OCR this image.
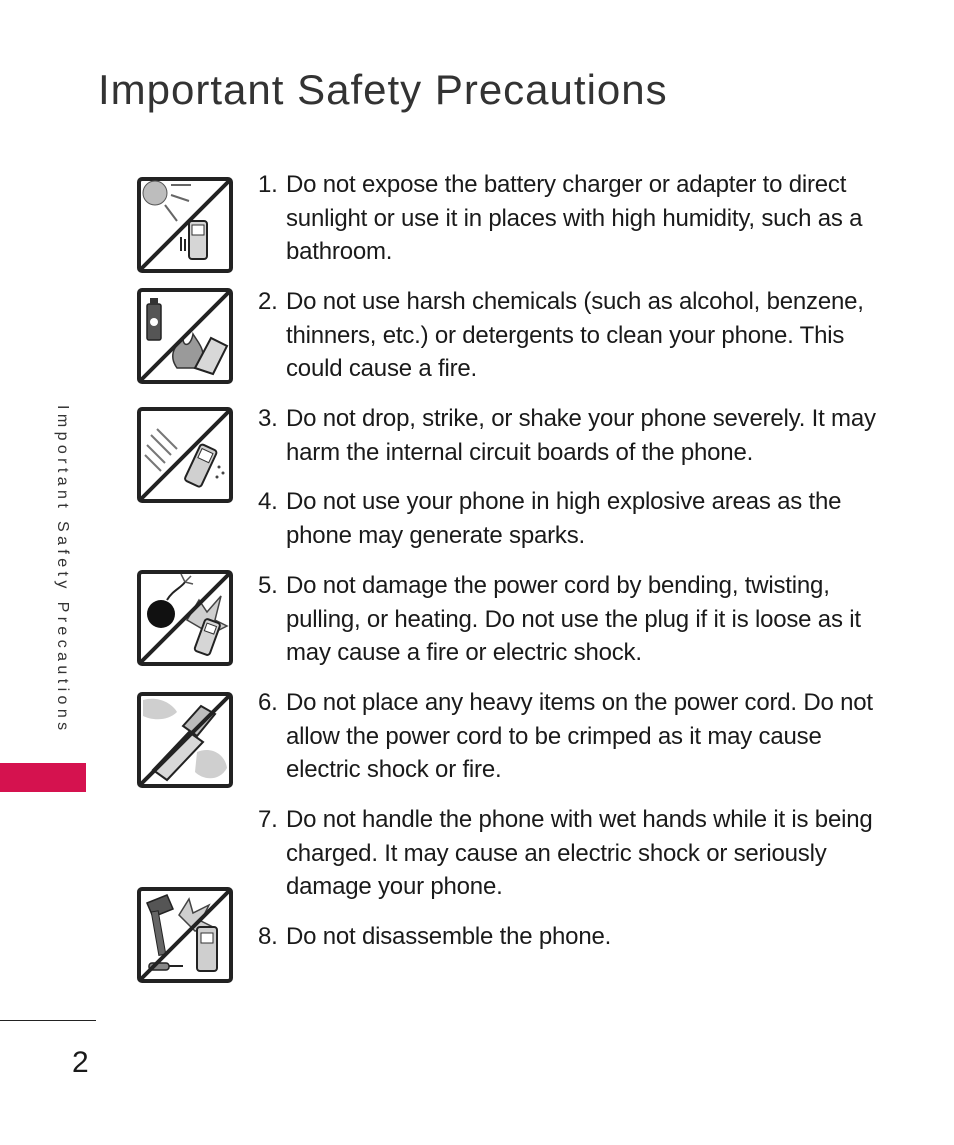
Important Safety Precautions
Important Safety Precautions
1. Do not expose the battery charger or adapter to direct sunlight or use it in places with high humidity, such as a bathroom.
2. Do not use harsh chemicals (such as alcohol, benzene, thinners, etc.) or detergents to clean your phone. This could cause a fire.
3. Do not drop, strike, or shake your phone severely. It may harm the internal circuit boards of the phone.
4. Do not use your phone in high explosive areas as the phone may generate sparks.
5. Do not damage the power cord by bending, twisting, pulling, or heating. Do not use the plug if it is loose as it may cause a fire or electric shock.
6. Do not place any heavy items on the power cord. Do not allow the power cord to be crimped as it may cause electric shock or fire.
7. Do not handle the phone with wet hands while it is being charged. It may cause an electric shock or seriously damage your phone.
8. Do not disassemble the phone.
2
